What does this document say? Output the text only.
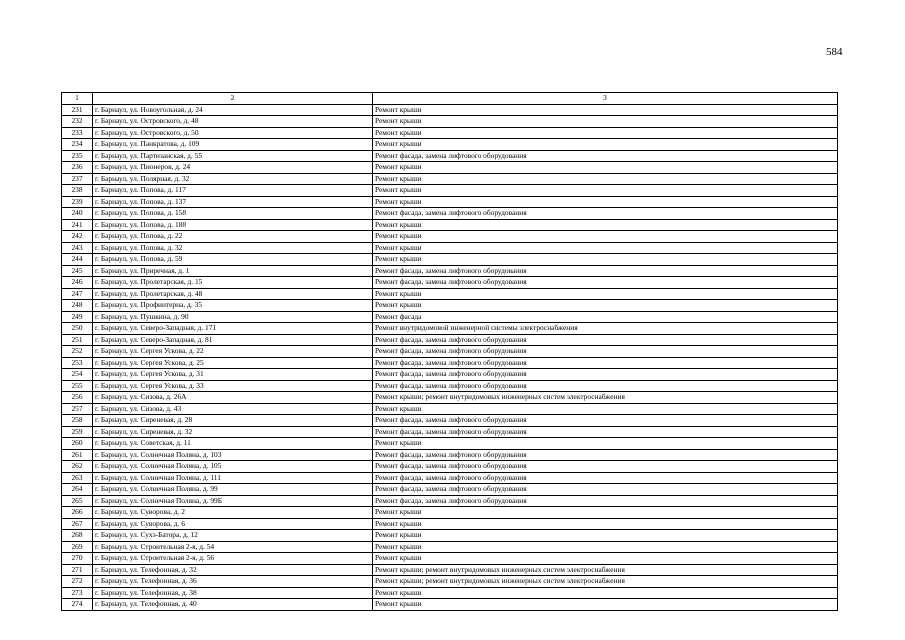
584
1	2	3
231	г. Барнаул, ул. Новоугольная, д. 24	Ремонт крыши
232	г. Барнаул, ул. Островского, д. 48	Ремонт крыши
233	г. Барнаул, ул. Островского, д. 50	Ремонт крыши
234	г. Барнаул, ул. Панкратова, д. 109	Ремонт крыши
235	г. Барнаул, ул. Партизанская, д. 55	Ремонт фасада, замена лифтового оборудования
236	г. Барнаул, ул. Пионеров, д. 24	Ремонт крыши
237	г. Барнаул, ул. Полярная, д. 32	Ремонт крыши
238	г. Барнаул, ул. Попова, д. 117	Ремонт крыши
239	г. Барнаул, ул. Попова, д. 137	Ремонт крыши
240	г. Барнаул, ул. Попова, д. 158	Ремонт фасада, замена лифтового оборудования
241	г. Барнаул, ул. Попова, д. 188	Ремонт крыши
242	г. Барнаул, ул. Попова, д. 22	Ремонт крыши
243	г. Барнаул, ул. Попова, д. 32	Ремонт крыши
244	г. Барнаул, ул. Попова, д. 59	Ремонт крыши
245	г. Барнаул, ул. Приречная, д. 1	Ремонт фасада, замена лифтового оборудования
246	г. Барнаул, ул. Пролетарская, д. 15	Ремонт фасада, замена лифтового оборудования
247	г. Барнаул, ул. Пролетарская, д. 48	Ремонт крыши
248	г. Барнаул, ул. Профинтерна, д. 35	Ремонт крыши
249	г. Барнаул, ул. Пушкина, д. 90	Ремонт фасада
250	г. Барнаул, ул. Северо-Западная, д. 171	Ремонт внутридомовой инженерной системы электроснабжения
251	г. Барнаул, ул. Северо-Западная, д. 81	Ремонт фасада, замена лифтового оборудования
252	г. Барнаул, ул. Сергея Ускова, д. 22	Ремонт фасада, замена лифтового оборудования
253	г. Барнаул, ул. Сергея Ускова, д. 25	Ремонт фасада, замена лифтового оборудования
254	г. Барнаул, ул. Сергея Ускова, д. 31	Ремонт фасада, замена лифтового оборудования
255	г. Барнаул, ул. Сергея Ускова, д. 33	Ремонт фасада, замена лифтового оборудования
256	г. Барнаул, ул. Сизова, д. 26А	Ремонт крыши; ремонт внутридомовых инженерных систем электроснабжения
257	г. Барнаул, ул. Сизова, д. 43	Ремонт крыши
258	г. Барнаул, ул. Сиреневая, д. 28	Ремонт фасада, замена лифтового оборудования
259	г. Барнаул, ул. Сиреневая, д. 32	Ремонт фасада, замена лифтового оборудования
260	г. Барнаул, ул. Советская, д. 11	Ремонт крыши
261	г. Барнаул, ул. Солнечная Поляна, д. 103	Ремонт фасада, замена лифтового оборудования
262	г. Барнаул, ул. Солнечная Поляна, д. 105	Ремонт фасада, замена лифтового оборудования
263	г. Барнаул, ул. Солнечная Поляна, д. 111	Ремонт фасада, замена лифтового оборудования
264	г. Барнаул, ул. Солнечная Поляна, д. 99	Ремонт фасада, замена лифтового оборудования
265	г. Барнаул, ул. Солнечная Поляна, д. 99Б	Ремонт фасада, замена лифтового оборудования
266	г. Барнаул, ул. Суворова, д. 2	Ремонт крыши
267	г. Барнаул, ул. Суворова, д. 6	Ремонт крыши
268	г. Барнаул, ул. Сухэ-Батора, д. 12	Ремонт крыши
269	г. Барнаул, ул. Строительная 2-я, д. 54	Ремонт крыши
270	г. Барнаул, ул. Строительная 2-я, д. 56	Ремонт крыши
271	г. Барнаул, ул. Телефонная, д. 32	Ремонт крыши; ремонт внутридомовых инженерных систем электроснабжения
272	г. Барнаул, ул. Телефонная, д. 36	Ремонт крыши; ремонт внутридомовых инженерных систем электроснабжения
273	г. Барнаул, ул. Телефонная, д. 38	Ремонт крыши
274	г. Барнаул, ул. Телефонная, д. 40	Ремонт крыши
